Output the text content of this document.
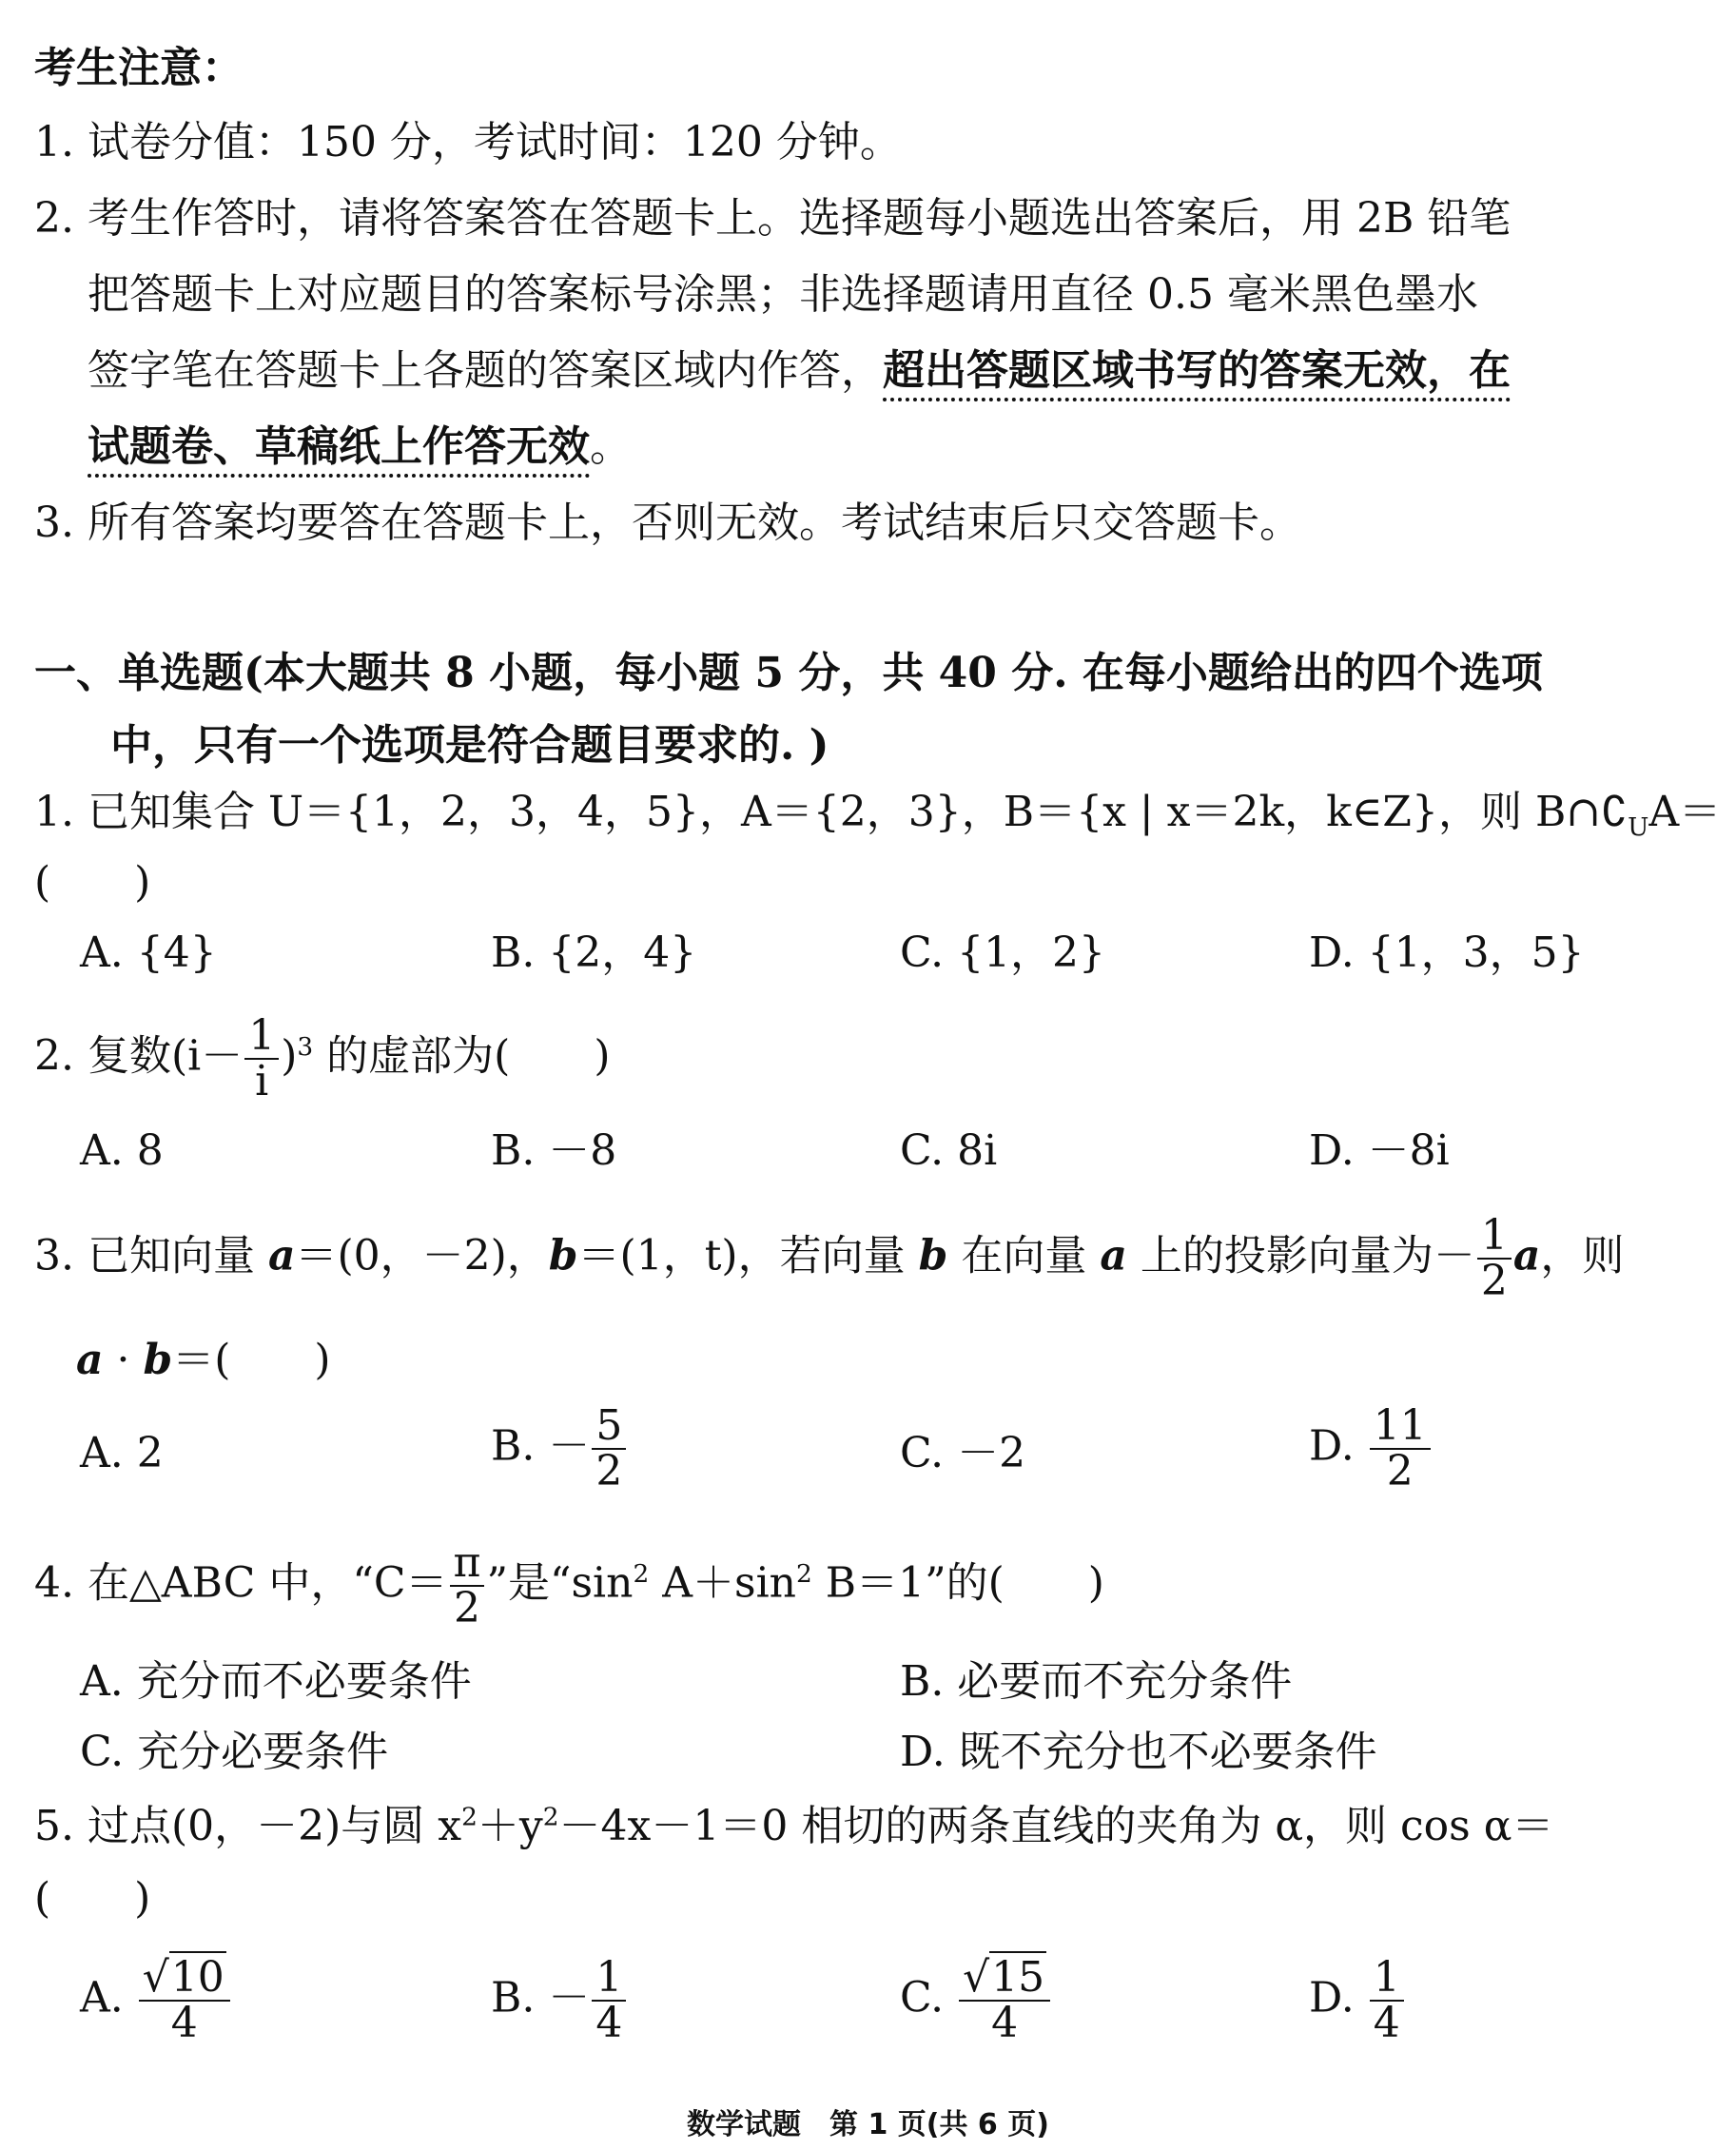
考生注意：
1. 试卷分值：150 分，考试时间：120 分钟。
2. 考生作答时，请将答案答在答题卡上。选择题每小题选出答案后，用 2B 铅笔
把答题卡上对应题目的答案标号涂黑；非选择题请用直径 0.5 毫米黑色墨水
签字笔在答题卡上各题的答案区域内作答，超出答题区域书写的答案无效，在
试题卷、草稿纸上作答无效。
3. 所有答案均要答在答题卡上，否则无效。考试结束后只交答题卡。
一、单选题(本大题共 8 小题，每小题 5 分，共 40 分. 在每小题给出的四个选项
中，只有一个选项是符合题目要求的. )
1. 已知集合 U＝{1，2，3，4，5}，A＝{2，3}，B＝{x | x＝2k，k∈Z}，则 $B\cap∁_UA=$
(　　)
A. {4}	B. {2，4}	C. {1，2}	D. {1，3，5}
2. 复数$(i- \frac{1}{i} )^3$ 的虚部为(　　)
A. 8	B. －8	C. 8i	D. －8i
3. 已知向量 a＝(0，－2)，b＝(1，t)，若向量 b 在向量 a 上的投影向量为－ $\frac{1}{2}$ a，则
a · b＝(　　)
A. 2	B. － $\frac{5}{2}$	C. －2	D. $\frac{11}{2}$
4. 在△ABC 中，“$C= \frac{\pi}{2}$ ”是“$\sin^2$ $A+\sin^2$ B＝1”的(　　)
A. 充分而不必要条件	B. 必要而不充分条件
C. 充分必要条件	D. 既不充分也不必要条件
5. 过点(0，－2)与圆 $x^2+y^2-4x-1=0$ 相切的两条直线的夹角为 α，则 cos α＝
(　　)
A. $\frac{√10}{4}$	B. － $\frac{1}{4}$	C. $\frac{√15}{4}$	D. $\frac{1}{4}$
数学试题　第 1 页(共 6 页)
